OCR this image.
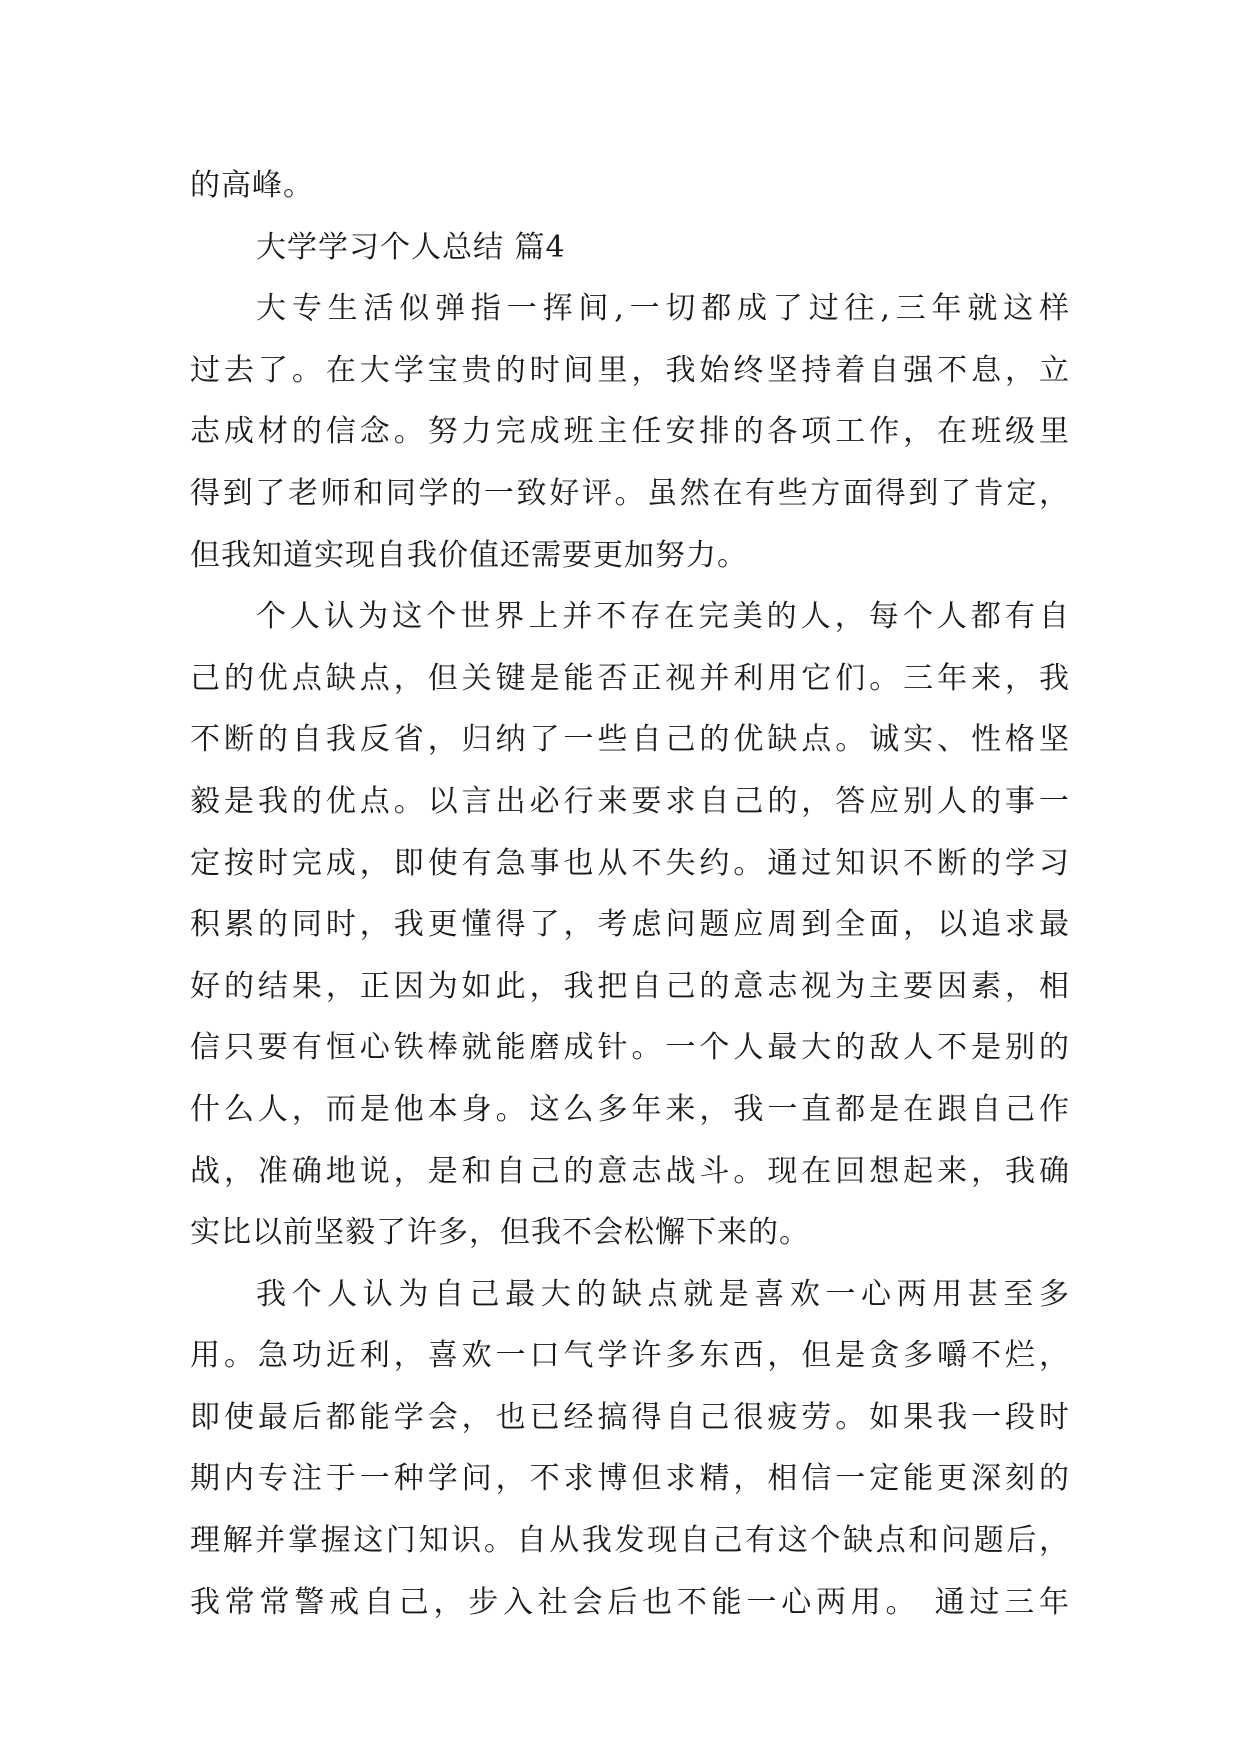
的高峰。
大学学习个人总结 篇4
大专生活似弹指一挥间,一切都成了过往,三年就这样
过去了。在大学宝贵的时间里，我始终坚持着自强不息，立
志成材的信念。努力完成班主任安排的各项工作，在班级里
得到了老师和同学的一致好评。虽然在有些方面得到了肯定，
但我知道实现自我价值还需要更加努力。
个人认为这个世界上并不存在完美的人，每个人都有自
己的优点缺点，但关键是能否正视并利用它们。三年来，我
不断的自我反省，归纳了一些自己的优缺点。诚实、性格坚
毅是我的优点。以言出必行来要求自己的，答应别人的事一
定按时完成，即使有急事也从不失约。通过知识不断的学习
积累的同时，我更懂得了，考虑问题应周到全面，以追求最
好的结果，正因为如此，我把自己的意志视为主要因素，相
信只要有恒心铁棒就能磨成针。一个人最大的敌人不是别的
什么人，而是他本身。这么多年来，我一直都是在跟自己作
战，准确地说，是和自己的意志战斗。现在回想起来，我确
实比以前坚毅了许多，但我不会松懈下来的。
我个人认为自己最大的缺点就是喜欢一心两用甚至多
用。急功近利，喜欢一口气学许多东西，但是贪多嚼不烂，
即使最后都能学会，也已经搞得自己很疲劳。如果我一段时
期内专注于一种学问，不求博但求精，相信一定能更深刻的
理解并掌握这门知识。自从我发现自己有这个缺点和问题后，
我常常警戒自己，步入社会后也不能一心两用。 通过三年
